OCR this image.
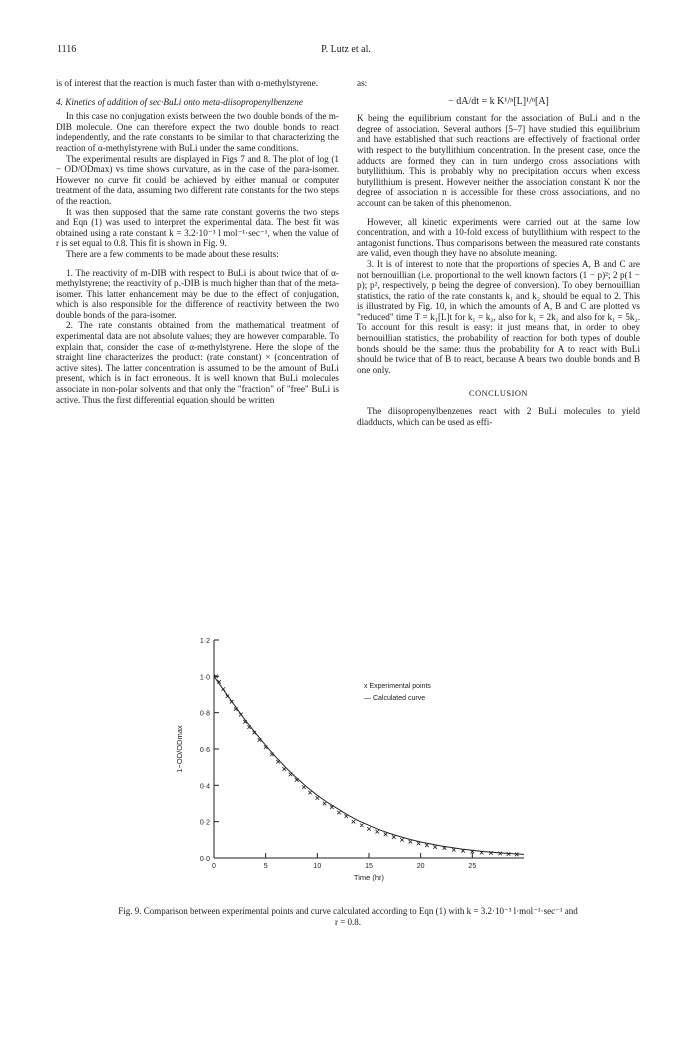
1116	P. Lutz et al.

is of interest that the reaction is much faster than with α-methylstyrene.

4. Kinetics of addition of sec·BuLi onto meta-diisopropenylbenzene

In this case no conjugation exists between the two double bonds of the m-DIB molecule. One can therefore expect the two double bonds to react independently, and the rate constants to be similar to that characterizing the reaction of α-methylstyrene with BuLi under the same conditions.

The experimental results are displayed in Figs 7 and 8. The plot of log (1 − OD/ODmax) vs time shows curvature, as in the case of the para-isomer. However no curve fit could be achieved by either manual or computer treatment of the data, assuming two different rate constants for the two steps of the reaction.

It was then supposed that the same rate constant governs the two steps and Eqn (1) was used to interpret the experimental data. The best fit was obtained using a rate constant k = 3.2·10⁻³ l mol⁻¹·sec⁻¹, when the value of r is set equal to 0.8. This fit is shown in Fig. 9.

There are a few comments to be made about these results:

1. The reactivity of m-DIB with respect to BuLi is about twice that of α-methylstyrene; the reactivity of p.-DIB is much higher than that of the meta-isomer. This latter enhancement may be due to the effect of conjugation, which is also responsible for the difference of reactivity between the two double bonds of the para-isomer.

2. The rate constants obtained from the mathematical treatment of experimental data are not absolute values; they are however comparable. To explain that, consider the case of α-methylstyrene. Here the slope of the straight line characterizes the product: (rate constant) × (concentration of active sites). The latter concentration is assumed to be the amount of BuLi present, which is in fact erroneous. It is well known that BuLi molecules associate in non-polar solvents and that only the "fraction" of "free" BuLi is active. Thus the first differential equation should be written

as:

− dA/dt = k K¹/ⁿ[L]¹/ⁿ[A]

K being the equilibrium constant for the association of BuLi and n the degree of association. Several authors [5–7] have studied this equilibrium and have established that such reactions are effectively of fractional order with respect to the butyllithium concentration. In the present case, once the adducts are formed they can in turn undergo cross associations with butyllithium. This is probably why no precipitation occurs when excess butyllithium is present. However neither the association constant K nor the degree of association n is accessible for these cross associations, and no account can be taken of this phenomenon.

However, all kinetic experiments were carried out at the same low concentration, and with a 10-fold excess of butyllithium with respect to the antagonist functions. Thus comparisons between the measured rate constants are valid, even though they have no absolute meaning.

3. It is of interest to note that the proportions of species A, B and C are not bernouillian (i.e. proportional to the well known factors (1 − p)²; 2 p(1 − p); p², respectively, p being the degree of conversion). To obey bernouillian statistics, the ratio of the rate constants k₁ and k₂ should be equal to 2. This is illustrated by Fig. 10, in which the amounts of A, B and C are plotted vs "reduced" time T = k₁[L]t for k₁ = k₂, also for k₁ = 2k₂ and also for k₁ = 5k₂. To account for this result is easy: it just means that, in order to obey bernouillian statistics, the probability of reaction for both types of double bonds should be the same: thus the probability for A to react with BuLi should be twice that of B to react, because A bears two double bonds and B one only.

CONCLUSION

The diisopropenylbenzenes react with 2 BuLi molecules to yield diadducts, which can be used as effi-

0·0
0·2
0·4
0·6
0·8
1·0
1·2
0	5	10	15	20	25
Time (hr)
1−OD/ODmax
x Experimental points
— Calculated curve
Fig. 9. Comparison between experimental points and curve calculated according to Eqn (1) with k = 3.2·10⁻³ l·mol⁻¹·sec⁻¹ and r = 0.8.
